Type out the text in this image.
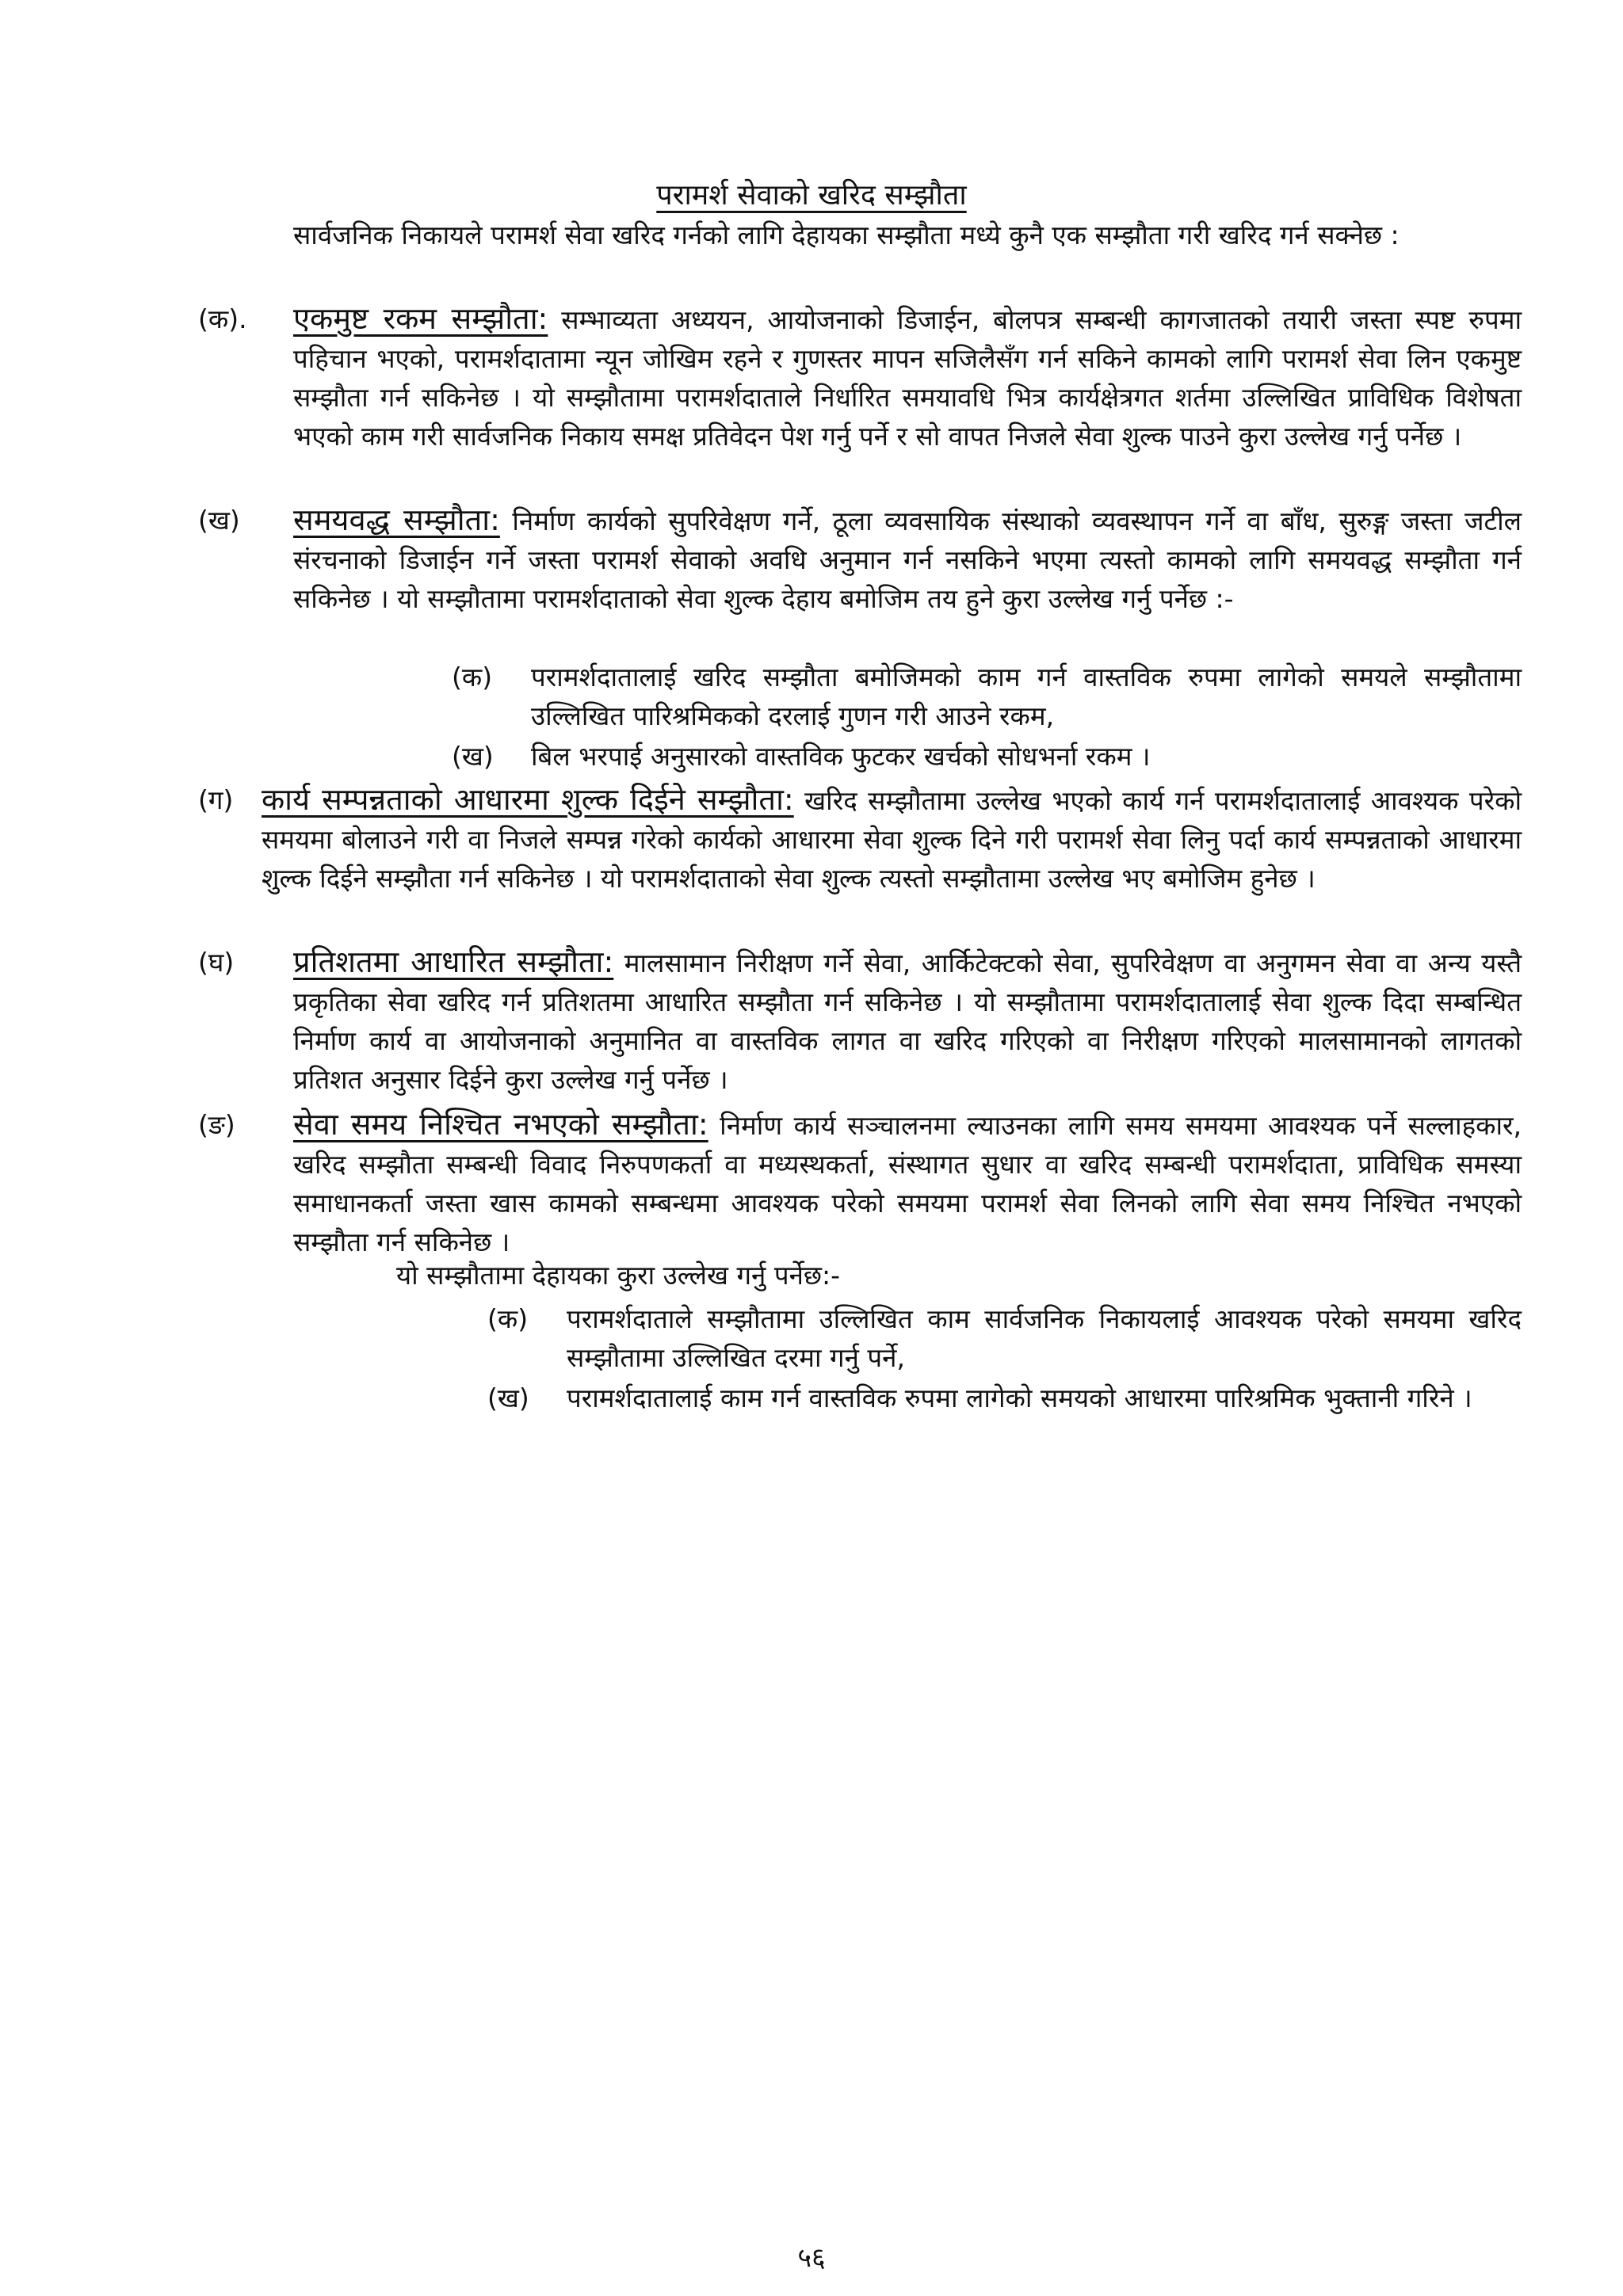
परामर्श सेवाको खरिद सम्झौता
सार्वजनिक निकायले परामर्श सेवा खरिद गर्नको लागि देहायका सम्झौता मध्ये कुनै एक सम्झौता गरी खरिद गर्न सक्नेछ :
(क). एकमुष्ट रकम सम्झौता: सम्भाव्यता अध्ययन, आयोजनाको डिजाईन, बोलपत्र सम्बन्धी कागजातको तयारी जस्ता स्पष्ट रुपमा पहिचान भएको, परामर्शदातामा न्यून जोखिम रहने र गुणस्तर मापन सजिलैसँग गर्न सकिने कामको लागि परामर्श सेवा लिन एकमुष्ट सम्झौता गर्न सकिनेछ । यो सम्झौतामा परामर्शदाताले निर्धारित समयावधि भित्र कार्यक्षेत्रगत शर्तमा उल्लिखित प्राविधिक विशेषता भएको काम गरी सार्वजनिक निकाय समक्ष प्रतिवेदन पेश गर्नु पर्ने र सो वापत निजले सेवा शुल्क पाउने कुरा उल्लेख गर्नु पर्नेछ ।
(ख) समयवद्ध सम्झौता: निर्माण कार्यको सुपरिवेक्षण गर्ने, ठूला व्यवसायिक संस्थाको व्यवस्थापन गर्ने वा बाँध, सुरुङ्ग जस्ता जटील संरचनाको डिजाईन गर्ने जस्ता परामर्श सेवाको अवधि अनुमान गर्न नसकिने भएमा त्यस्तो कामको लागि समयवद्ध सम्झौता गर्न सकिनेछ । यो सम्झौतामा परामर्शदाताको सेवा शुल्क देहाय बमोजिम तय हुने कुरा उल्लेख गर्नु पर्नेछ :-
(क) परामर्शदातालाई खरिद सम्झौता बमोजिमको काम गर्न वास्तविक रुपमा लागेको समयले सम्झौतामा उल्लिखित पारिश्रमिकको दरलाई गुणन गरी आउने रकम,
(ख) बिल भरपाई अनुसारको वास्तविक फुटकर खर्चको सोधभर्ना रकम ।
(ग) कार्य सम्पन्नताको आधारमा शुल्क दिईने सम्झौता: खरिद सम्झौतामा उल्लेख भएको कार्य गर्न परामर्शदातालाई आवश्यक परेको समयमा बोलाउने गरी वा निजले सम्पन्न गरेको कार्यको आधारमा सेवा शुल्क दिने गरी परामर्श सेवा लिनु पर्दा कार्य सम्पन्नताको आधारमा शुल्क दिईने सम्झौता गर्न सकिनेछ । यो परामर्शदाताको सेवा शुल्क त्यस्तो सम्झौतामा उल्लेख भए बमोजिम हुनेछ ।
(घ) प्रतिशतमा आधारित सम्झौता: मालसामान निरीक्षण गर्ने सेवा, आर्किटेक्टको सेवा, सुपरिवेक्षण वा अनुगमन सेवा वा अन्य यस्तै प्रकृतिका सेवा खरिद गर्न प्रतिशतमा आधारित सम्झौता गर्न सकिनेछ । यो सम्झौतामा परामर्शदातालाई सेवा शुल्क दिदा सम्बन्धित निर्माण कार्य वा आयोजनाको अनुमानित वा वास्तविक लागत वा खरिद गरिएको वा निरीक्षण गरिएको मालसामानको लागतको प्रतिशत अनुसार दिईने कुरा उल्लेख गर्नु पर्नेछ ।
(ङ) सेवा समय निश्चित नभएको सम्झौता: निर्माण कार्य सञ्चालनमा ल्याउनका लागि समय समयमा आवश्यक पर्ने सल्लाहकार, खरिद सम्झौता सम्बन्धी विवाद निरुपणकर्ता वा मध्यस्थकर्ता, संस्थागत सुधार वा खरिद सम्बन्धी परामर्शदाता, प्राविधिक समस्या समाधानकर्ता जस्ता खास कामको सम्बन्धमा आवश्यक परेको समयमा परामर्श सेवा लिनको लागि सेवा समय निश्चित नभएको सम्झौता गर्न सकिनेछ ।
यो सम्झौतामा देहायका कुरा उल्लेख गर्नु पर्नेछ:-
(क) परामर्शदाताले सम्झौतामा उल्लिखित काम सार्वजनिक निकायलाई आवश्यक परेको समयमा खरिद सम्झौतामा उल्लिखित दरमा गर्नु पर्ने,
(ख) परामर्शदातालाई काम गर्न वास्तविक रुपमा लागेको समयको आधारमा पारिश्रमिक भुक्तानी गरिने ।
५६
